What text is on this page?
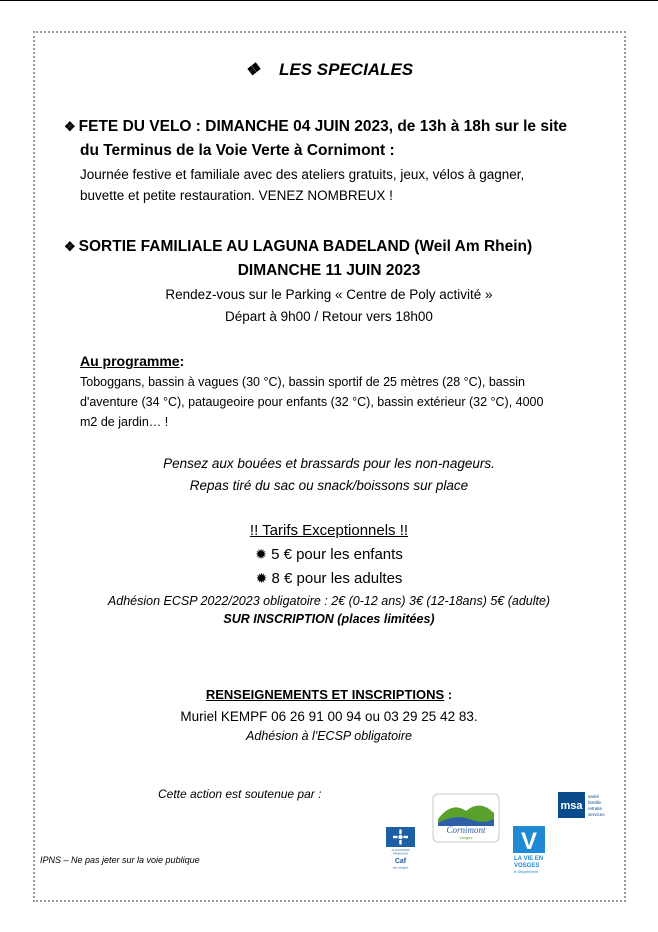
❖ LES SPECIALES
❖ FETE DU VELO : DIMANCHE 04 JUIN 2023, de 13h à 18h sur le site
du Terminus de la Voie Verte à Cornimont :
Journée festive et familiale avec des ateliers gratuits, jeux, vélos à gagner,
buvette et petite restauration. VENEZ NOMBREUX !
❖ SORTIE FAMILIALE AU LAGUNA BADELAND (Weil Am Rhein)
DIMANCHE 11 JUIN 2023
Rendez-vous sur le Parking « Centre de Poly activité »
Départ à 9h00 / Retour vers 18h00
Au programme:
Toboggans, bassin à vagues (30 °C), bassin sportif de 25 mètres (28 °C), bassin
d'aventure (34 °C), pataugeoire pour enfants (32 °C), bassin extérieur (32 °C), 4000
m2 de jardin… !
Pensez aux bouées et brassards pour les non-nageurs.
Repas tiré du sac ou snack/boissons sur place
!! Tarifs Exceptionnels !!
✹ 5 € pour les enfants
✹ 8 € pour les adultes
Adhésion ECSP 2022/2023 obligatoire : 2€ (0-12 ans) 3€ (12-18ans) 5€ (adulte)
SUR INSCRIPTION (places limitées)
RENSEIGNEMENTS ET INSCRIPTIONS :
Muriel KEMPF 06 26 91 00 94 ou 03 29 25 42 83.
Adhésion à l'ECSP obligatoire
Cette action est soutenue par :
ALLOCATIONS
FAMILIALES
Caf
des Vosges
Cornimont
Vosges V
LA VIE EN
VOSGES
le Département
msa
santé
famille
retraite
services
IPNS – Ne pas jeter sur la voie publique
